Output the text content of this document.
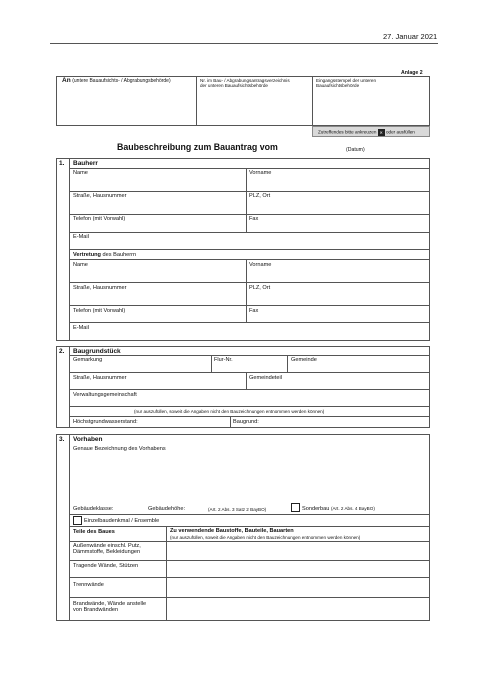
27. Januar 2021
Anlage 2
An (untere Bauaufsichts- / Abgrabungsbehörde)	Nr. im Bau- / Abgrabungsantragsverzeichnis
der unteren Bauaufsichtsbehörde
Eingangsstempel der unteren
Bauaufsichtsbehörde
Zutreffendes bitte ankreuzen ✕ oder ausfüllen
Baubeschreibung zum Bauantrag vom	(Datum)
1. Bauherr
Name	Vorname
Straße, Hausnummer	PLZ, Ort
Telefon (mit Vorwahl)	Fax
E-Mail
Vertretung des Bauherrn
Name	Vorname
Straße, Hausnummer	PLZ, Ort
Telefon (mit Vorwahl)	Fax
E-Mail
2. Baugrundstück
Gemarkung	Flur-Nr.	Gemeinde
Straße, Hausnummer	Gemeindeteil
Verwaltungsgemeinschaft
(nur auszufüllen, soweit die Angaben nicht den Bauzeichnungen entnommen werden können)
Höchstgrundwasserstand:	Baugrund:
3. Vorhaben
Genaue Bezeichnung des Vorhabens
Gebäudeklasse:	Gebäudehöhe:	(Art. 2 Abs. 3 Satz 2 BayBO)	Sonderbau (Art. 2 Abs. 4 BayBO)
Einzelbaudenkmal / Ensemble
Teile des Baues	Zu verwendende Baustoffe, Bauteile, Bauarten
(nur auszufüllen, soweit die Angaben nicht den Bauzeichnungen entnommen werden können)
Außenwände einschl. Putz,
Dämmstoffe, Bekleidungen
Tragende Wände, Stützen
Trennwände
Brandwände, Wände anstelle
von Brandwänden
